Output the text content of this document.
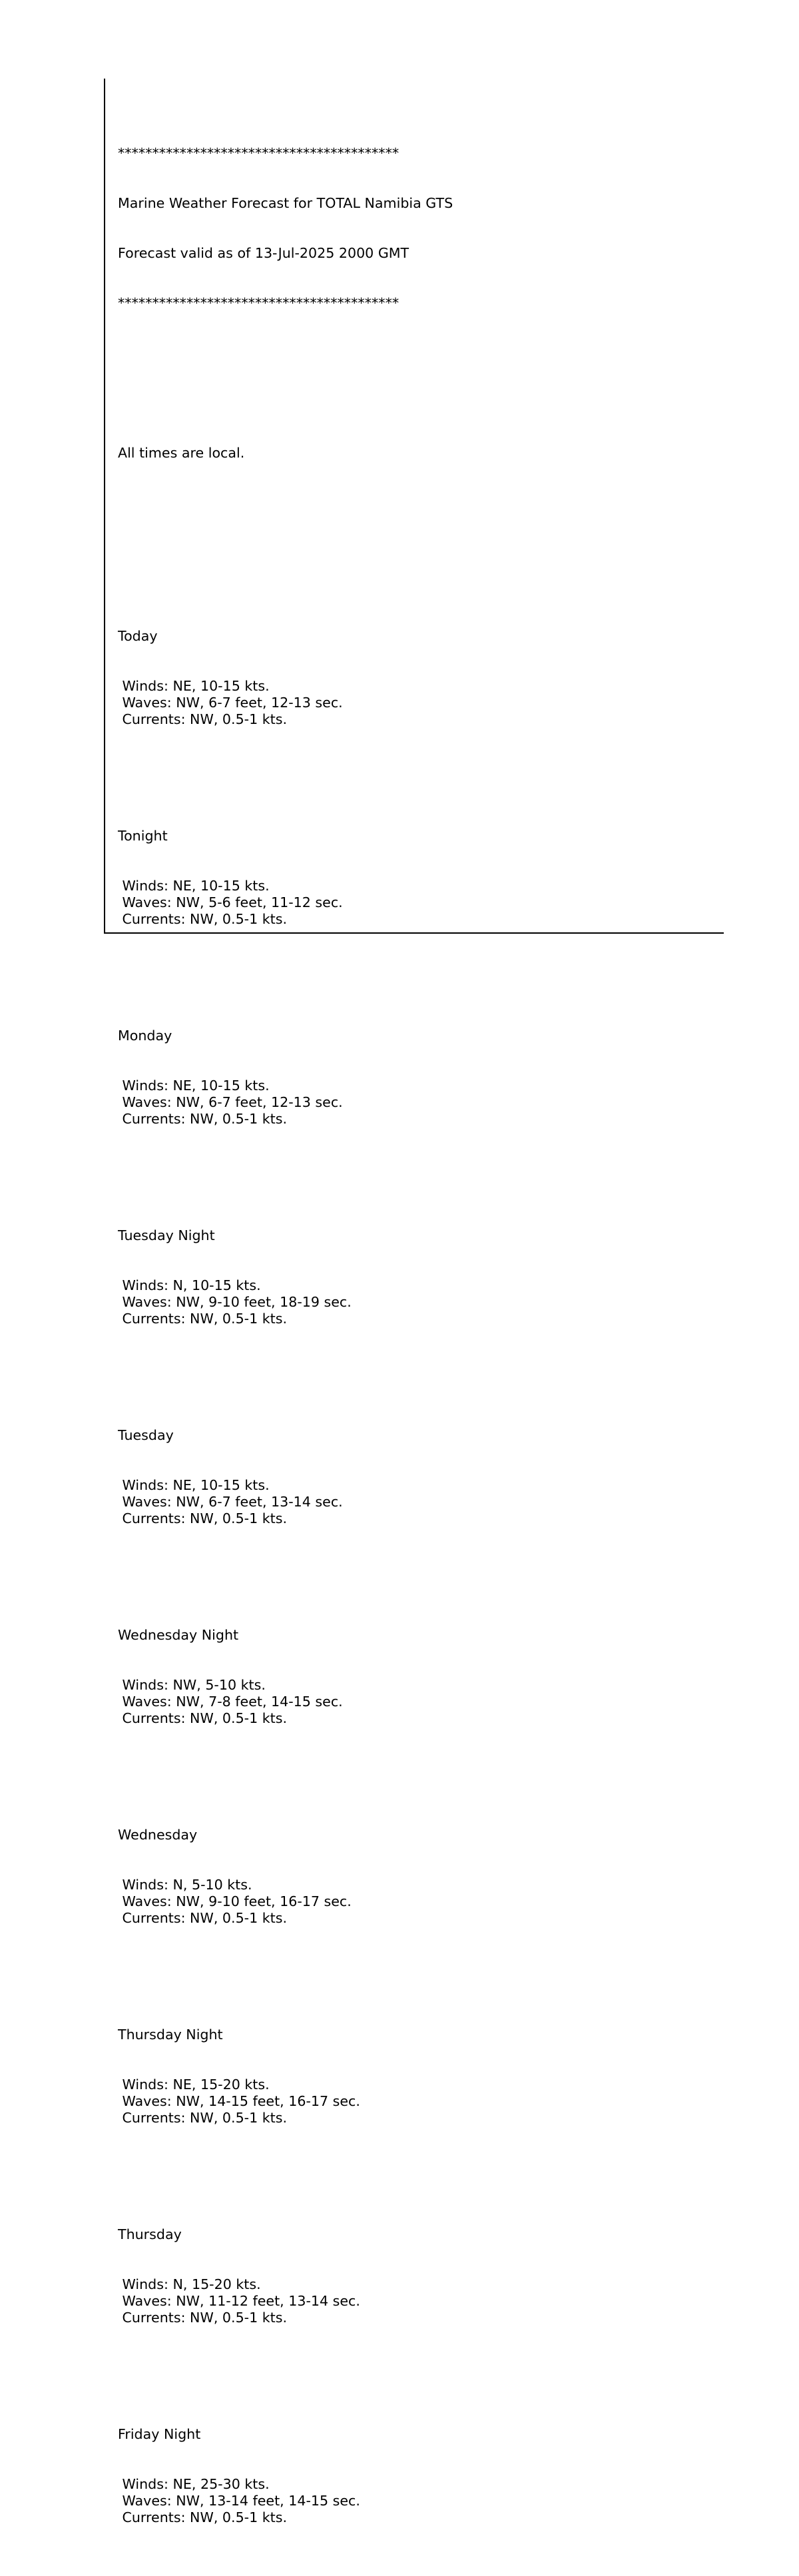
*****************************************

Marine Weather Forecast for TOTAL Namibia GTS

Forecast valid as of 13-Jul-2025 2000 GMT

*****************************************

All times are local.

Today

Winds: NE, 10-15 kts.
Waves: NW, 6-7 feet, 12-13 sec.
Currents: NW, 0.5-1 kts.

Tonight

Winds: NE, 10-15 kts.
Waves: NW, 5-6 feet, 11-12 sec.
Currents: NW, 0.5-1 kts.

Monday

Winds: NE, 10-15 kts.
Waves: NW, 6-7 feet, 12-13 sec.
Currents: NW, 0.5-1 kts.

Tuesday Night

Winds: N, 10-15 kts.
Waves: NW, 9-10 feet, 18-19 sec.
Currents: NW, 0.5-1 kts.

Tuesday

Winds: NE, 10-15 kts.
Waves: NW, 6-7 feet, 13-14 sec.
Currents: NW, 0.5-1 kts.

Wednesday Night

Winds: NW, 5-10 kts.
Waves: NW, 7-8 feet, 14-15 sec.
Currents: NW, 0.5-1 kts.

Wednesday

Winds: N, 5-10 kts.
Waves: NW, 9-10 feet, 16-17 sec.
Currents: NW, 0.5-1 kts.

Thursday Night

Winds: NE, 15-20 kts.
Waves: NW, 14-15 feet, 16-17 sec.
Currents: NW, 0.5-1 kts.

Thursday

Winds: N, 15-20 kts.
Waves: NW, 11-12 feet, 13-14 sec.
Currents: NW, 0.5-1 kts.

Friday Night

Winds: NE, 25-30 kts.
Waves: NW, 13-14 feet, 14-15 sec.
Currents: NW, 0.5-1 kts.
